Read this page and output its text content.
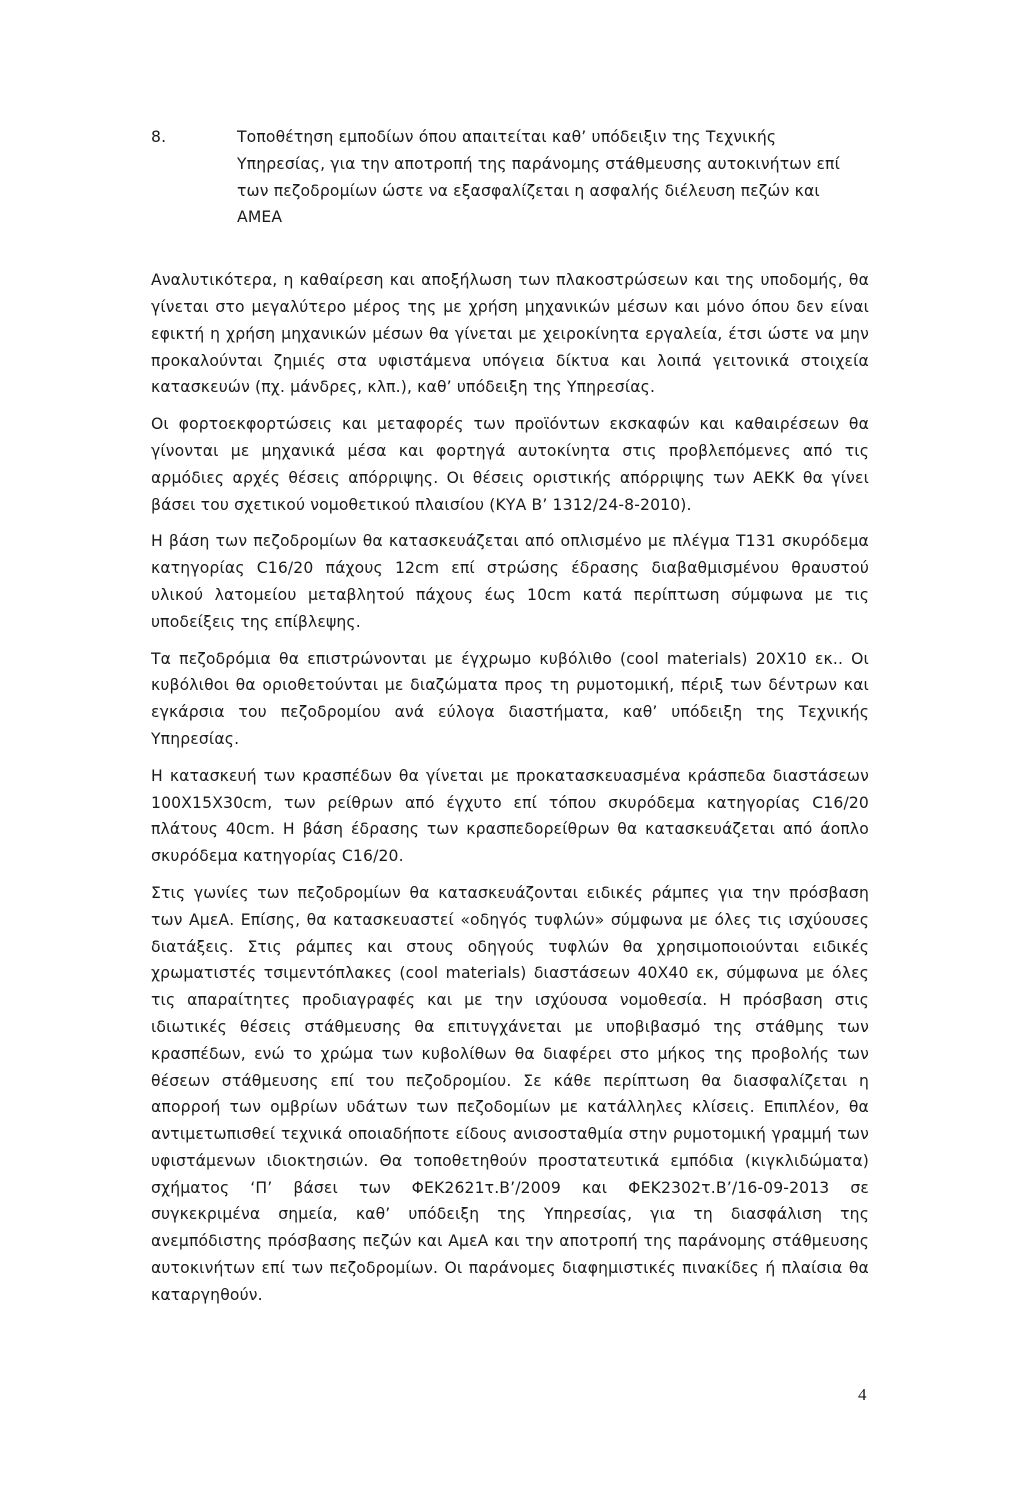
8.	Τοποθέτηση εμποδίων όπου απαιτείται καθ’ υπόδειξιν της Τεχνικής Υπηρεσίας, για την αποτροπή της παράνομης στάθμευσης αυτοκινήτων επί των πεζοδρομίων ώστε να εξασφαλίζεται η ασφαλής διέλευση πεζών και ΑΜΕΑ

Αναλυτικότερα, η καθαίρεση και αποξήλωση των πλακοστρώσεων και της υποδομής, θα γίνεται στο μεγαλύτερο μέρος της με χρήση μηχανικών μέσων και μόνο όπου δεν είναι εφικτή η χρήση μηχανικών μέσων θα γίνεται με χειροκίνητα εργαλεία, έτσι ώστε να μην προκαλούνται ζημιές στα υφιστάμενα υπόγεια δίκτυα και λοιπά γειτονικά στοιχεία κατασκευών (πχ. μάνδρες, κλπ.), καθ’ υπόδειξη της Υπηρεσίας.

Οι φορτοεκφορτώσεις και μεταφορές των προϊόντων εκσκαφών και καθαιρέσεων θα γίνονται με μηχανικά μέσα και φορτηγά αυτοκίνητα στις προβλεπόμενες από τις αρμόδιες αρχές θέσεις απόρριψης. Οι θέσεις οριστικής απόρριψης των ΑΕΚΚ θα γίνει βάσει του σχετικού νομοθετικού πλαισίου (ΚΥΑ Β’ 1312/24-8-2010).

Η βάση των πεζοδρομίων θα κατασκευάζεται από οπλισμένο με πλέγμα Τ131 σκυρόδεμα κατηγορίας C16/20 πάχους 12cm επί στρώσης έδρασης διαβαθμισμένου θραυστού υλικού λατομείου μεταβλητού πάχους έως 10cm κατά περίπτωση σύμφωνα με τις υποδείξεις της επίβλεψης.

Τα πεζοδρόμια θα επιστρώνονται με έγχρωμο κυβόλιθο (cool materials) 20Χ10 εκ.. Οι κυβόλιθοι θα οριοθετούνται με διαζώματα προς τη ρυμοτομική, πέριξ των δέντρων και εγκάρσια του πεζοδρομίου ανά εύλογα διαστήματα, καθ’ υπόδειξη της Τεχνικής Υπηρεσίας.

Η κατασκευή των κρασπέδων θα γίνεται με προκατασκευασμένα κράσπεδα διαστάσεων 100Χ15Χ30cm, των ρείθρων από έγχυτο επί τόπου σκυρόδεμα κατηγορίας C16/20 πλάτους 40cm. Η βάση έδρασης των κρασπεδορείθρων θα κατασκευάζεται από άοπλο σκυρόδεμα κατηγορίας C16/20.

Στις γωνίες των πεζοδρομίων θα κατασκευάζονται ειδικές ράμπες για την πρόσβαση των ΑμεΑ. Επίσης, θα κατασκευαστεί «οδηγός τυφλών» σύμφωνα με όλες τις ισχύουσες διατάξεις. Στις ράμπες και στους οδηγούς τυφλών θα χρησιμοποιούνται ειδικές χρωματιστές τσιμεντόπλακες (cool materials) διαστάσεων 40Χ40 εκ, σύμφωνα με όλες τις απαραίτητες προδιαγραφές και με την ισχύουσα νομοθεσία. Η πρόσβαση στις ιδιωτικές θέσεις στάθμευσης θα επιτυγχάνεται με υποβιβασμό της στάθμης των κρασπέδων, ενώ το χρώμα των κυβολίθων θα διαφέρει στο μήκος της προβολής των θέσεων στάθμευσης επί του πεζοδρομίου. Σε κάθε περίπτωση θα διασφαλίζεται η απορροή των ομβρίων υδάτων των πεζοδομίων με κατάλληλες κλίσεις. Επιπλέον, θα αντιμετωπισθεί τεχνικά οποιαδήποτε είδους ανισοσταθμία στην ρυμοτομική γραμμή των υφιστάμενων ιδιοκτησιών. Θα τοποθετηθούν προστατευτικά εμπόδια (κιγκλιδώματα) σχήματος ‘Π’ βάσει των ΦΕΚ2621τ.Β’/2009 και ΦΕΚ2302τ.Β’/16-09-2013 σε συγκεκριμένα σημεία, καθ’ υπόδειξη της Υπηρεσίας, για τη διασφάλιση της ανεμπόδιστης πρόσβασης πεζών και ΑμεΑ και την αποτροπή της παράνομης στάθμευσης αυτοκινήτων επί των πεζοδρομίων. Οι παράνομες διαφημιστικές πινακίδες ή πλαίσια θα καταργηθούν.

4
